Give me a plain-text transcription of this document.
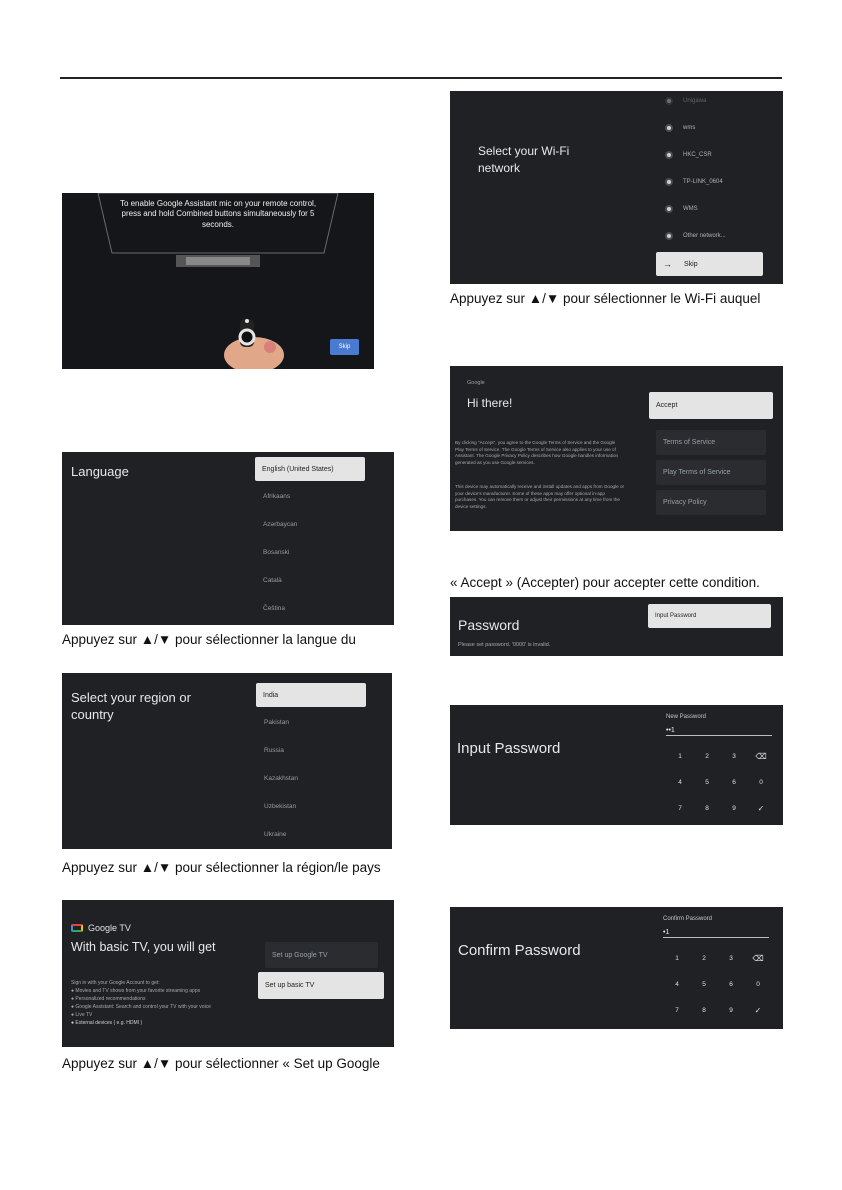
To enable Google Assistant mic on your remote control, press and hold Combined buttons simultaneously for 5 seconds.
Skip
Language	English (United States)
Afrikaans
Azərbaycan
Bosanski
Català
Čeština
Appuyez sur ▲/▼ pour sélectionner la langue du
Select your region or country
India
Pakistan
Russia
Kazakhstan
Uzbekistan
Ukraine
Appuyez sur ▲/▼ pour sélectionner la région/le pays
Google TV
With basic TV, you will get
Sign in with your Google Account to get:
● Movies and TV shows from your favorite streaming apps
● Personalized recommendations
● Google Assistant: Search and control your TV with your voice
● Live TV
● External devices ( e.g. HDMI )
Set up Google TV
Set up basic TV
Appuyez sur ▲/▼ pour sélectionner « Set up Google
Select your Wi-Fi network
Unigawa
wms
HKC_CSR
TP-LINK_0604
WMS
Other network...
→ Skip
Appuyez sur ▲/▼ pour sélectionner le Wi-Fi auquel
Google
Hi there!
By clicking "Accept", you agree to the Google Terms of Service and the Google Play Terms of Service. The Google Terms of Service also applies to your use of Assistant. The Google Privacy Policy describes how Google handles information generated as you use Google services.
This device may automatically receive and install updates and apps from Google or your device's manufacturer. Some of these apps may offer optional in-app purchases. You can remove them or adjust their permissions at any time from the device settings.
Accept
Terms of Service
Play Terms of Service
Privacy Policy
« Accept » (Accepter) pour accepter cette condition.
Password
Please set password. '0000' is invalid.
Input Password
Input Password
New Password
••1
1	2	3	⌫
4	5	6	0
7	8	9	✓
Confirm Password
Confirm Password
•1
1	2	3	⌫
4	5	6	0
7	8	9	✓
